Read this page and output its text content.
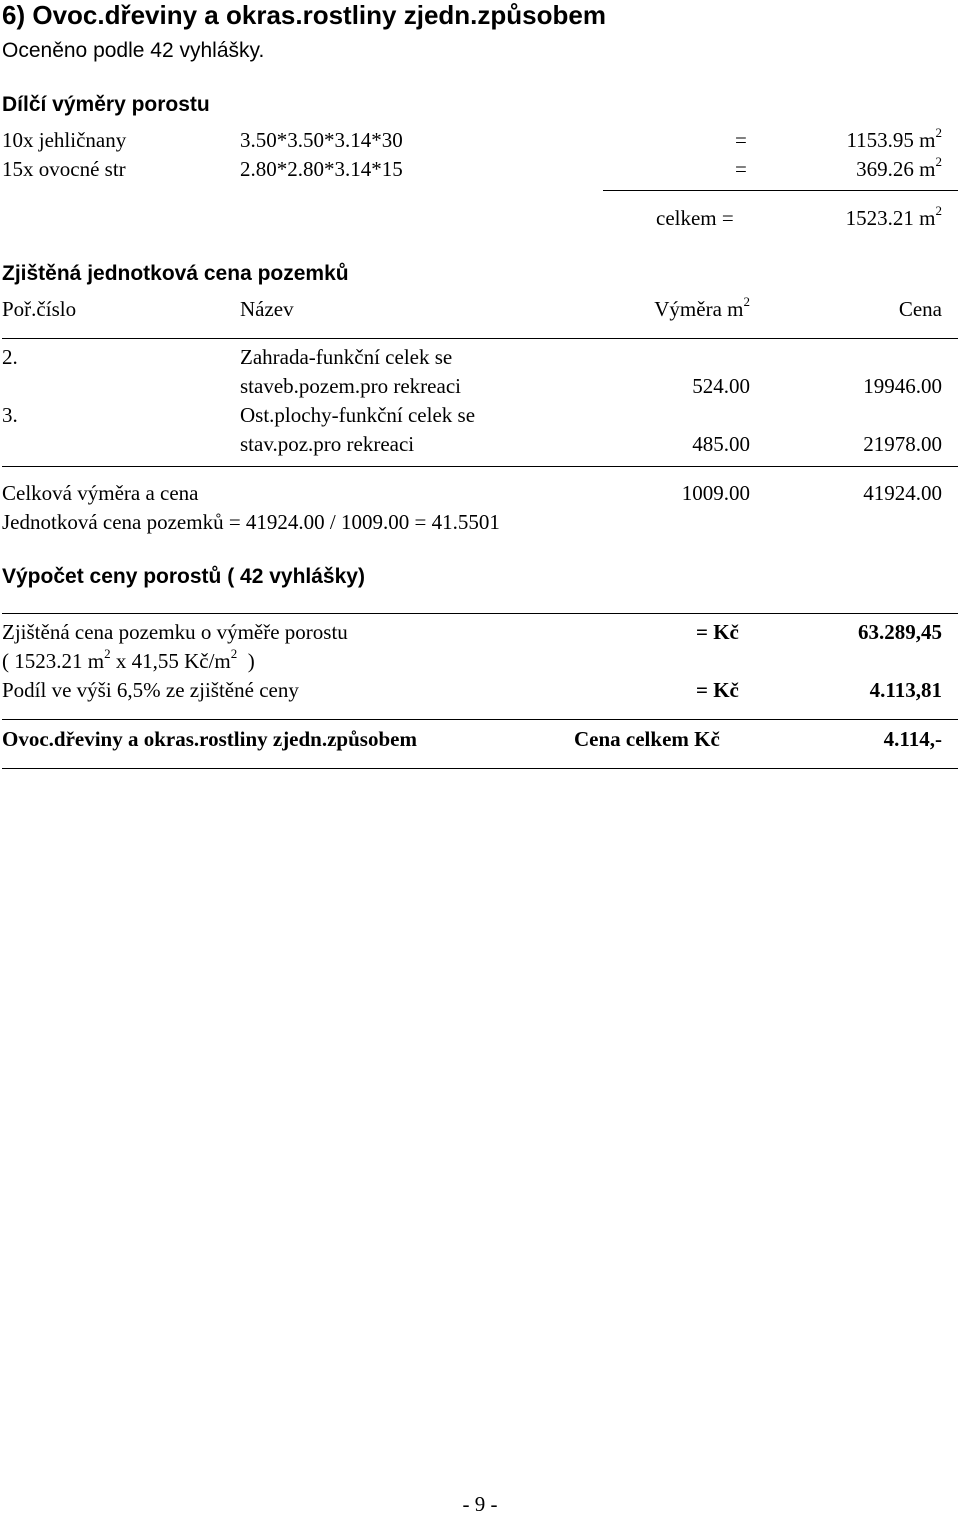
6) Ovoc.dřeviny a okras.rostliny zjedn.způsobem
Oceněno podle 42 vyhlášky.
Dílčí výměry porostu
10x jehličnany	3.50*3.50*3.14*30	=	1153.95 $m^2$
15x ovocné str	2.80*2.80*3.14*15	=	369.26 $m^2$
celkem =	1523.21 $m^2$
Zjištěná jednotková cena pozemků
Poř.číslo	Název	Výměra $m^2$	Cena
2.	Zahrada-funkční celek se
staveb.pozem.pro rekreaci	524.00	19946.00
3.	Ost.plochy-funkční celek se
stav.poz.pro rekreaci	485.00	21978.00
Celková výměra a cena	1009.00	41924.00
Jednotková cena pozemků = 41924.00 / 1009.00 = 41.5501
Výpočet ceny porostů ( 42 vyhlášky)
Zjištěná cena pozemku o výměře porostu	= Kč	63.289,45
( 1523.21 $m^2$ x 41,55 $Kč/m^2$  )
Podíl ve výši 6,5% ze zjištěné ceny	= Kč	4.113,81
Ovoc.dřeviny a okras.rostliny zjedn.způsobem	Cena celkem Kč	4.114,-
- 9 -
